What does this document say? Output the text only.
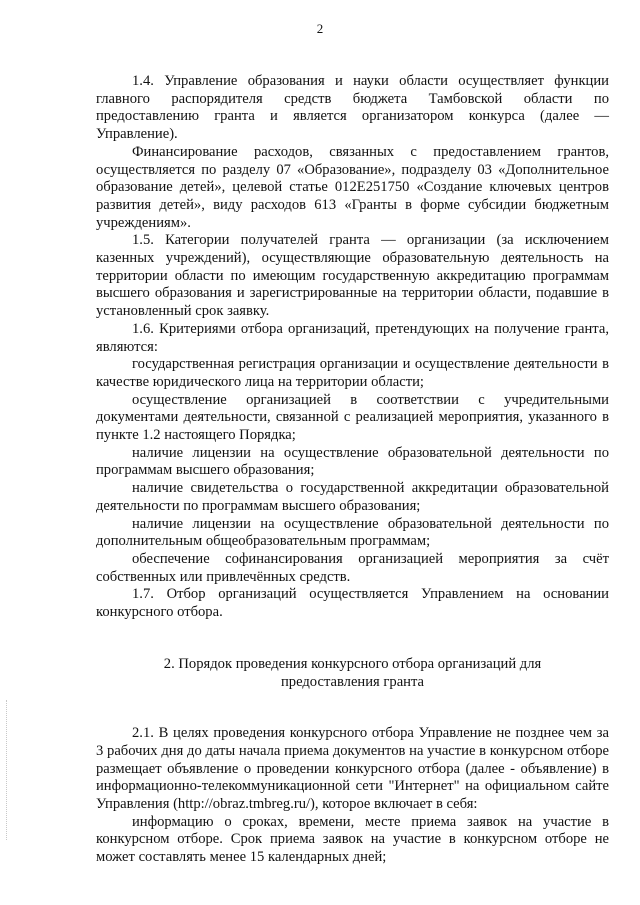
2

1.4. Управление образования и науки области осуществляет функции главного распорядителя средств бюджета Тамбовской области по предоставлению гранта и является организатором конкурса (далее — Управление).

Финансирование расходов, связанных с предоставлением грантов, осуществляется по разделу 07 «Образование», подразделу 03 «Дополнительное образование детей», целевой статье 012E251750 «Создание ключевых центров развития детей», виду расходов 613 «Гранты в форме субсидии бюджетным учреждениям».

1.5. Категории получателей гранта — организации (за исключением казенных учреждений), осуществляющие образовательную деятельность на территории области по имеющим государственную аккредитацию программам высшего образования и зарегистрированные на территории области, подавшие в установленный срок заявку.

1.6. Критериями отбора организаций, претендующих на получение гранта, являются:

государственная регистрация организации и осуществление деятельности в качестве юридического лица на территории области;

осуществление организацией в соответствии с учредительными документами деятельности, связанной с реализацией мероприятия, указанного в пункте 1.2 настоящего Порядка;

наличие лицензии на осуществление образовательной деятельности по программам высшего образования;

наличие свидетельства о государственной аккредитации образовательной деятельности по программам высшего образования;

наличие лицензии на осуществление образовательной деятельности по дополнительным общеобразовательным программам;

обеспечение софинансирования организацией мероприятия за счёт собственных или привлечённых средств.

1.7. Отбор организаций осуществляется Управлением на основании конкурсного отбора.

2. Порядок проведения конкурсного отбора организаций для предоставления гранта

2.1. В целях проведения конкурсного отбора Управление не позднее чем за 3 рабочих дня до даты начала приема документов на участие в конкурсном отборе размещает объявление о проведении конкурсного отбора (далее - объявление) в информационно-телекоммуникационной сети "Интернет" на официальном сайте Управления (http://obraz.tmbreg.ru/), которое включает в себя:

информацию о сроках, времени, месте приема заявок на участие в конкурсном отборе. Срок приема заявок на участие в конкурсном отборе не может составлять менее 15 календарных дней;
